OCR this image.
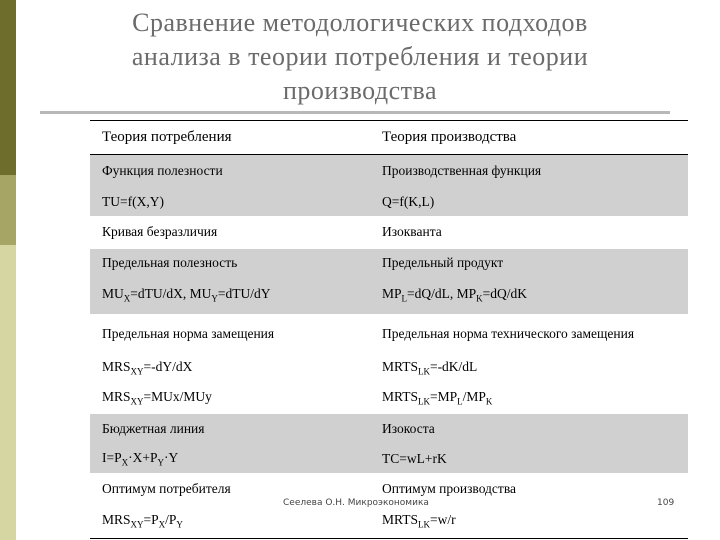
Сравнение методологических подходов
анализа в теории потребления и теории
производства
Теория потребления	Теория производства
Функция полезности	Производственная функция
TU=f(X,Y)	Q=f(K,L)
Кривая безразличия	Изокванта
Предельная полезность	Предельный продукт
$MU_X=dTU/dX$, $MU_Y=dTU/dY$	$MP_L=dQ/dL$, $MP_K=dQ/dK$
Предельная норма замещения	Предельная норма технического замещения
$MRS_{XY}=-dY/dX$	$MRTS_{LK}=-dK/dL$
$MRS_{XY}=MUx$/MUy	$MRTS_{LK}=MP_L/MP_K$
Бюджетная линия	Изокоста
$I=P_X\cdot X+P_Y\cdot Y$	TC=wL+rK
Оптимум потребителя	Оптимум производства
$MRS_{XY}=P_X/P_Y$	$MRTS_{LK}=w/r$
Сеелева О.Н. Микроэкономика	109
